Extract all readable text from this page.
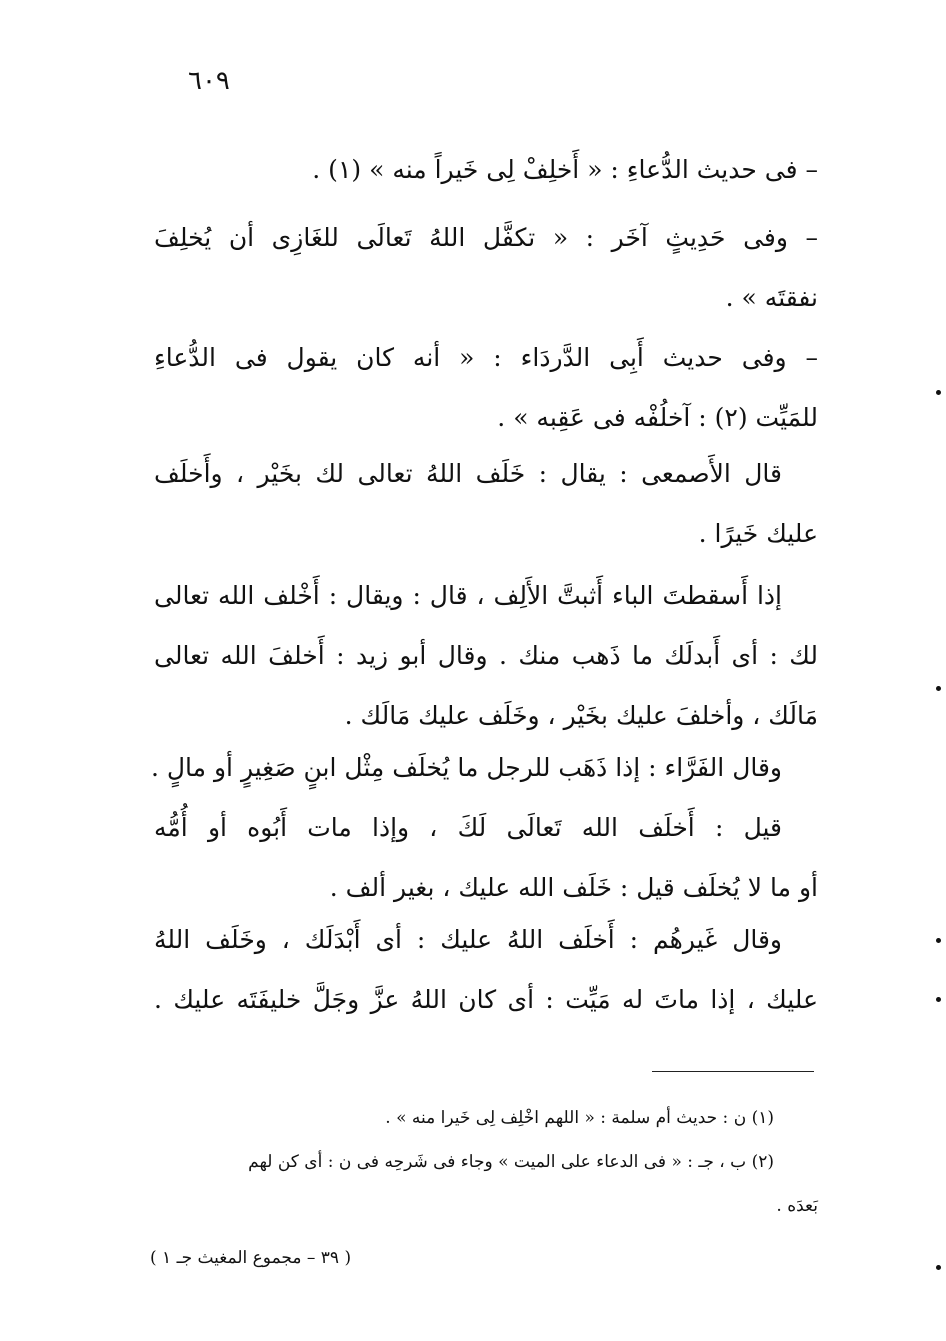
٦٠٩

– فى حديث الدُّعاءِ : « أَخلِفْ لِى خَيراً منه » (١) .

– وفى حَدِيثٍ آخَر : « تكفَّل اللهُ تَعالَى للغَازِى أن يُخلِفَ
نفقتَه » .

– وفى حديث أَبِى الدَّردَاء : « أنه كان يقول فى الدُّعاءِ
للمَيِّت (٢) : آخلُفْه فى عَقِبه » .

قال الأَصمعى : يقال : خَلَف اللهُ تعالى لك بخَيْر ، وأَخلَف
عليك خَيرًا .

إذا أَسقطتَ الباء أَثبتَّ الأَلِف ، قال : ويقال : أَخْلف الله تعالى
لك : أى أَبدلَك ما ذَهب منك . وقال أبو زيد : أَخلفَ الله تعالى
مَالَك ، وأخلفَ عليك بخَيْر ، وخَلَف عليك مَالَك .

وقال الفَرَّاء : إذا ذَهَب للرجل ما يُخلَف مِثْل ابنٍ صَغِيرٍ أو مالٍ .
قيل : أَخلَف الله تَعالَى لَكَ ، وإذا مات أَبُوه أو أُمُّه
أو ما لا يُخلَف قيل : خَلَف الله عليك ، بغير ألف .

وقال غَيرهُم : أَخلَف اللهُ عليك : أى أَبْدَلَك ، وخَلَف اللهُ
عليك ، إذا ماتَ له مَيِّت : أى كان اللهُ عزَّ وجَلَّ خليفَتَه عليك .

(١) ن : حديث أم سلمة : « اللهم اخْلِف لِى خَيرا منه » .
(٢) ب ، جـ : « فى الدعاء على الميت » وجاء فى شَرحِه فى ن : أى كن لهم
بَعدَه .
( ٣٩ – مجموع المغيث جـ ١ )
